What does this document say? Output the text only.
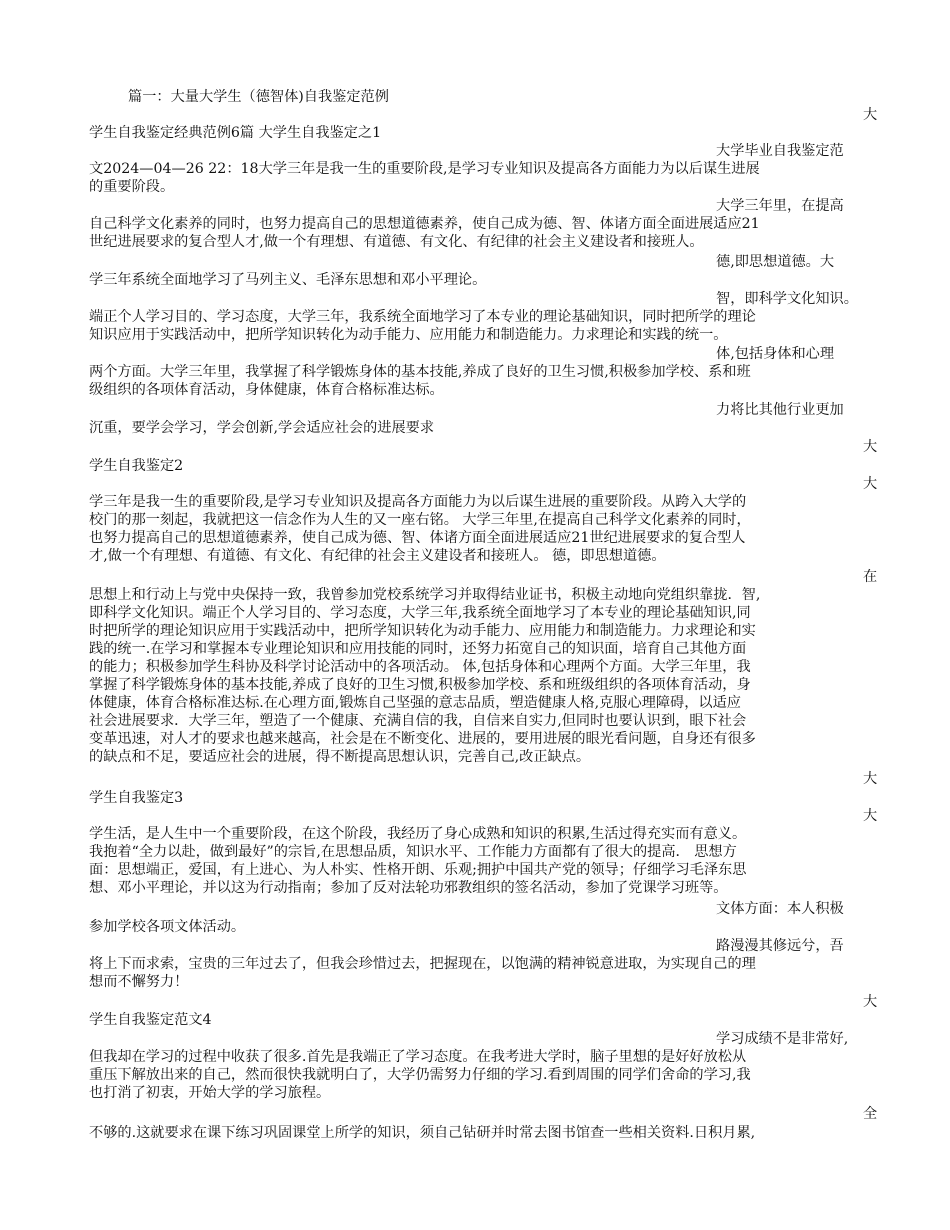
篇一：大量大学生（德智体)自我鉴定范例
大
学生自我鉴定经典范例6篇 大学生自我鉴定之1
大学毕业自我鉴定范
文2024—04—26 22：18大学三年是我一生的重要阶段,是学习专业知识及提高各方面能力为以后谋生进展
的重要阶段。
大学三年里，在提高
自己科学文化素养的同时，也努力提高自己的思想道德素养，使自己成为德、智、体诸方面全面进展适应21
世纪进展要求的复合型人才,做一个有理想、有道德、有文化、有纪律的社会主义建设者和接班人。
德,即思想道德。大
学三年系统全面地学习了马列主义、毛泽东思想和邓小平理论。
智，即科学文化知识。
端正个人学习目的、学习态度，大学三年，我系统全面地学习了本专业的理论基础知识，同时把所学的理论
知识应用于实践活动中，把所学知识转化为动手能力、应用能力和制造能力。力求理论和实践的统一。
体,包括身体和心理
两个方面。大学三年里，我掌握了科学锻炼身体的基本技能,养成了良好的卫生习惯,积极参加学校、系和班
级组织的各项体育活动，身体健康，体育合格标准达标。
力将比其他行业更加
沉重，要学会学习，学会创新,学会适应社会的进展要求
大
学生自我鉴定2
大
学三年是我一生的重要阶段,是学习专业知识及提高各方面能力为以后谋生进展的重要阶段。从跨入大学的
校门的那一刻起，我就把这一信念作为人生的又一座右铭。 大学三年里,在提高自己科学文化素养的同时，
也努力提高自己的思想道德素养，使自己成为德、智、体诸方面全面进展适应21世纪进展要求的复合型人
才,做一个有理想、有道德、有文化、有纪律的社会主义建设者和接班人。 德，即思想道德。
在
思想上和行动上与党中央保持一致，我曾参加党校系统学习并取得结业证书，积极主动地向党组织靠拢．智,
即科学文化知识。端正个人学习目的、学习态度，大学三年,我系统全面地学习了本专业的理论基础知识,同
时把所学的理论知识应用于实践活动中，把所学知识转化为动手能力、应用能力和制造能力。力求理论和实
践的统一.在学习和掌握本专业理论知识和应用技能的同时，还努力拓宽自己的知识面，培育自己其他方面
的能力；积极参加学生科协及科学讨论活动中的各项活动。 体,包括身体和心理两个方面。大学三年里，我
掌握了科学锻炼身体的基本技能,养成了良好的卫生习惯,积极参加学校、系和班级组织的各项体育活动，身
体健康，体育合格标准达标.在心理方面,锻炼自己坚强的意志品质，塑造健康人格,克服心理障碍，以适应
社会进展要求．大学三年，塑造了一个健康、充满自信的我，自信来自实力,但同时也要认识到，眼下社会
变革迅速，对人才的要求也越来越高，社会是在不断变化、进展的，要用进展的眼光看问题，自身还有很多
的缺点和不足，要适应社会的进展，得不断提高思想认识，完善自己,改正缺点。
大
学生自我鉴定3
大
学生活，是人生中一个重要阶段，在这个阶段，我经历了身心成熟和知识的积累,生活过得充实而有意义。
我抱着“全力以赴，做到最好”的宗旨,在思想品质，知识水平、工作能力方面都有了很大的提高． 思想方
面：思想端正，爱国，有上进心、为人朴实、性格开朗、乐观;拥护中国共产党的领导；仔细学习毛泽东思
想、邓小平理论，并以这为行动指南；参加了反对法轮功邪教组织的签名活动，参加了党课学习班等。
文体方面：本人积极
参加学校各项文体活动。
路漫漫其修远兮，吾
将上下而求索，宝贵的三年过去了，但我会珍惜过去，把握现在，以饱满的精神锐意进取，为实现自己的理
想而不懈努力！
大
学生自我鉴定范文4
学习成绩不是非常好,
但我却在学习的过程中收获了很多.首先是我端正了学习态度。在我考进大学时，脑子里想的是好好放松从
重压下解放出来的自己，然而很快我就明白了，大学仍需努力仔细的学习.看到周围的同学们舍命的学习,我
也打消了初衷，开始大学的学习旅程。
全
不够的.这就要求在课下练习巩固课堂上所学的知识，须自己钻研并时常去图书馆查一些相关资料.日积月累,
